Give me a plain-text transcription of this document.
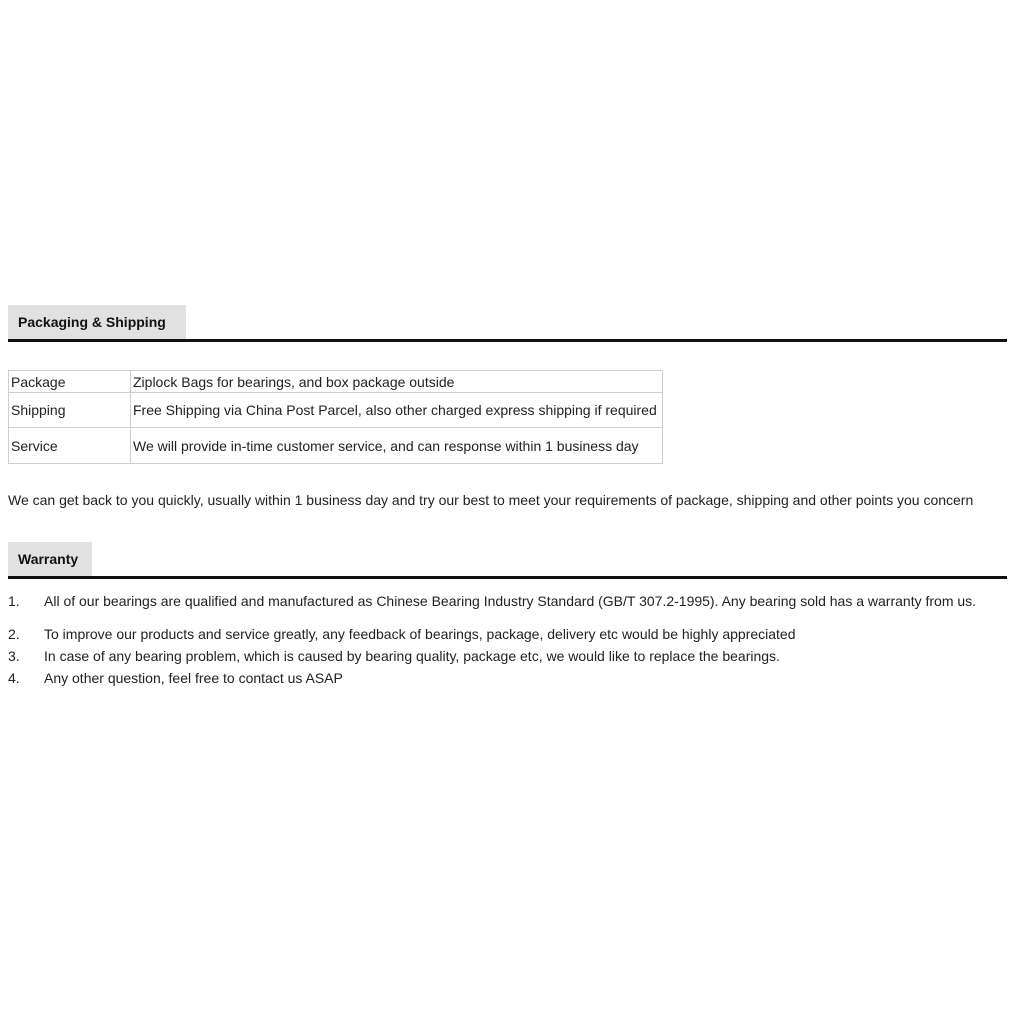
Packaging & Shipping
Package	Ziplock Bags for bearings, and box package outside
Shipping	Free Shipping via China Post Parcel, also other charged express shipping if required
Service	We will provide in-time customer service, and can response within 1 business day
We can get back to you quickly, usually within 1 business day and try our best to meet your requirements of package, shipping and other points you concern
Warranty
1. All of our bearings are qualified and manufactured as Chinese Bearing Industry Standard (GB/T 307.2-1995). Any bearing sold has a warranty from us.
2. To improve our products and service greatly, any feedback of bearings, package, delivery etc would be highly appreciated
3. In case of any bearing problem, which is caused by bearing quality, package etc, we would like to replace the bearings.
4. Any other question, feel free to contact us ASAP
